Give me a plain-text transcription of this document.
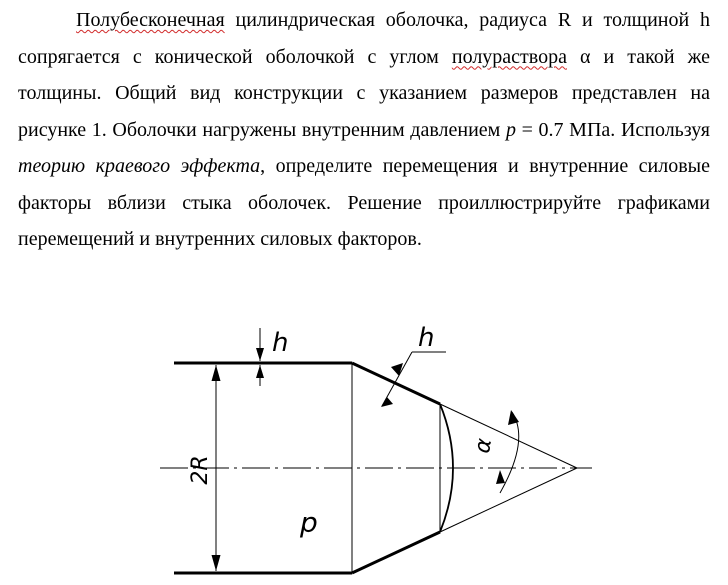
Полубесконечная цилиндрическая оболочка, радиуса R и толщиной h сопрягается с конической оболочкой с углом полураствора α и такой же толщины. Общий вид конструкции с указанием размеров представлен на рисунке 1. Оболочки нагружены внутренним давлением p = 0.7 МПа. Используя теорию краевого эффекта, определите перемещения и внутренние силовые факторы вблизи стыка оболочек. Решение проиллюстрируйте графиками перемещений и внутренних силовых факторов.

2R
h	h
α
p
